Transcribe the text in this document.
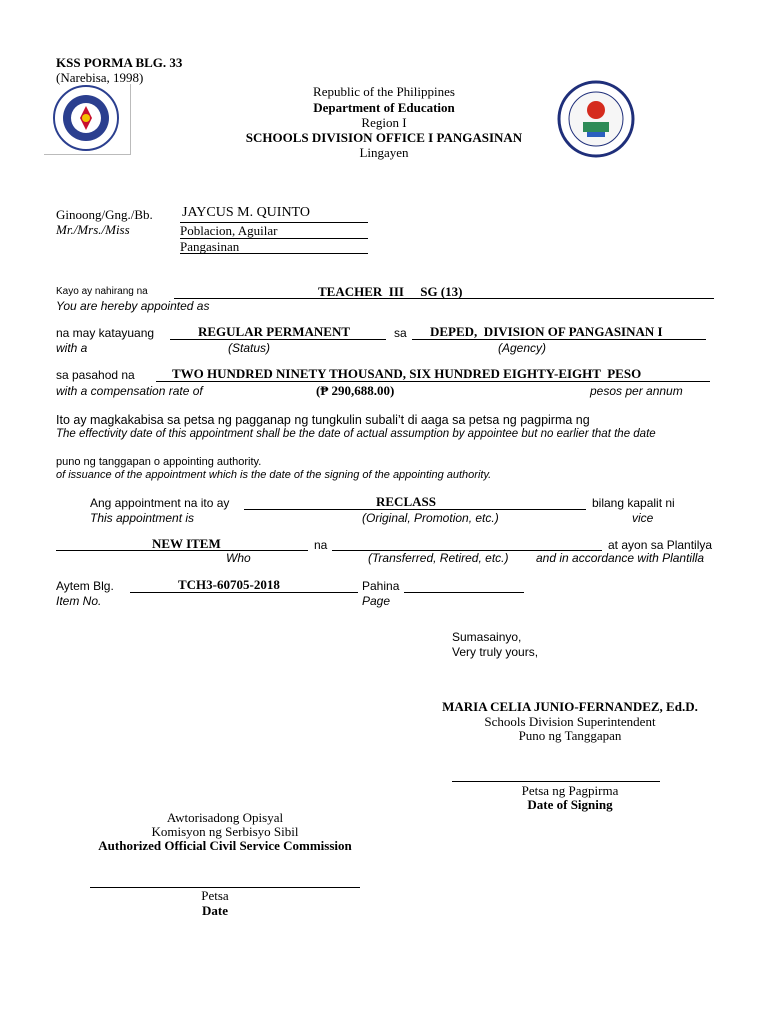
KSS PORMA BLG. 33
(Narebisa, 1998)
Republic of the Philippines
Department of Education
Region I
SCHOOLS DIVISION OFFICE I PANGASINAN
Lingayen
Ginoong/Gng./Bb.
Mr./Mrs./Miss
JAYCUS M. QUINTO
Poblacion, Aguilar
Pangasinan
Kayo ay nahirang na
You are hereby appointed as
TEACHER  III     SG (13)
na may katayuang
with a
REGULAR PERMANENT
(Status)
sa DEPED,  DIVISION OF PANGASINAN I
(Agency)
sa pasahod na	TWO HUNDRED NINETY THOUSAND, SIX HUNDRED EIGHTY-EIGHT  PESO
with a compensation rate of	(₱ 290,688.00)	pesos per annum
Ito ay magkakabisa sa petsa ng pagganap ng tungkulin subali’t di aaga sa petsa ng pagpirma ng
The effectivity date of this appointment shall be the date of actual assumption by appointee but no earlier that the date
puno ng tanggapan o appointing authority.
of issuance of the appointment which is the date of the signing of the appointing authority.
Ang appointment na ito ay
This appointment is
RECLASS
(Original, Promotion, etc.)
bilang kapalit ni
vice
NEW ITEM
Who
na
(Transferred, Retired, etc.)
at ayon sa Plantilya
and in accordance with Plantilla
Aytem Blg.
Item No.
TCH3-60705-2018	Pahina
Page
Sumasainyo,
Very truly yours,
MARIA CELIA JUNIO-FERNANDEZ, Ed.D.
Schools Division Superintendent
Puno ng Tanggapan
Petsa ng Pagpirma
Date of Signing
Awtorisadong Opisyal
Komisyon ng Serbisyo Sibil
Authorized Official Civil Service Commission
Petsa
Date
